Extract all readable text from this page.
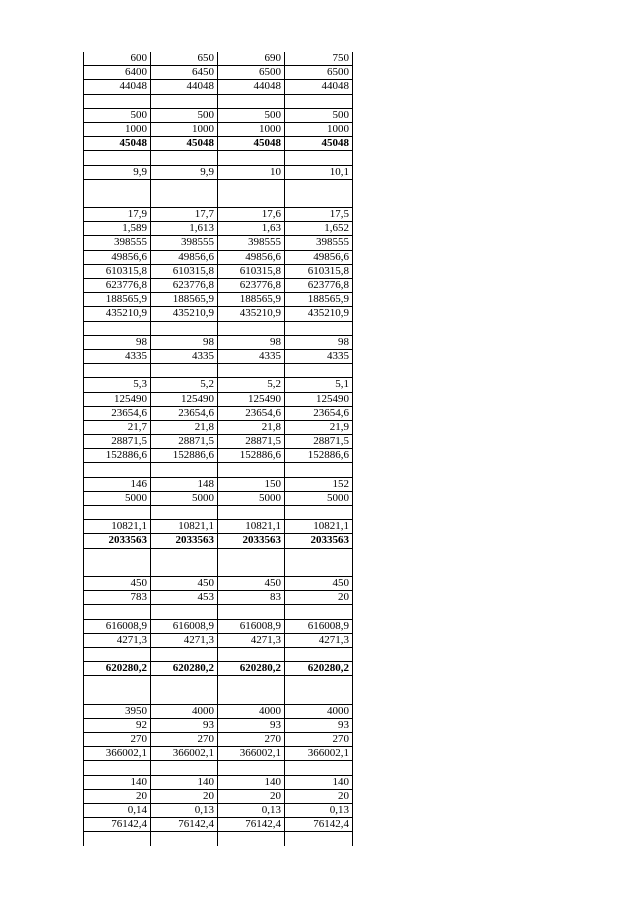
600	650	690	750
6400	6450	6500	6500
44048	44048	44048	44048
500	500	500	500
1000	1000	1000	1000
45048	45048	45048	45048
9,9	9,9	10	10,1
17,9	17,7	17,6	17,5
1,589	1,613	1,63	1,652
398555	398555	398555	398555
49856,6	49856,6	49856,6	49856,6
610315,8	610315,8	610315,8	610315,8
623776,8	623776,8	623776,8	623776,8
188565,9	188565,9	188565,9	188565,9
435210,9	435210,9	435210,9	435210,9
98	98	98	98
4335	4335	4335	4335
5,3	5,2	5,2	5,1
125490	125490	125490	125490
23654,6	23654,6	23654,6	23654,6
21,7	21,8	21,8	21,9
28871,5	28871,5	28871,5	28871,5
152886,6	152886,6	152886,6	152886,6
146	148	150	152
5000	5000	5000	5000
10821,1	10821,1	10821,1	10821,1
2033563	2033563	2033563	2033563
450	450	450	450
783	453	83	20
616008,9	616008,9	616008,9	616008,9
4271,3	4271,3	4271,3	4271,3
620280,2	620280,2	620280,2	620280,2
3950	4000	4000	4000
92	93	93	93
270	270	270	270
366002,1	366002,1	366002,1	366002,1
140	140	140	140
20	20	20	20
0,14	0,13	0,13	0,13
76142,4	76142,4	76142,4	76142,4
